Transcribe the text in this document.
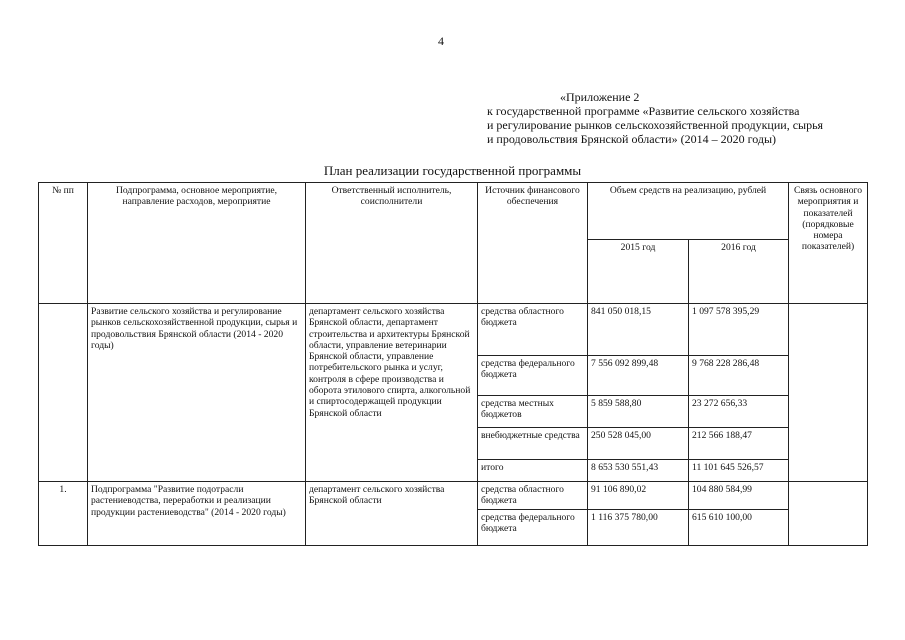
4
«Приложение 2
к государственной программе «Развитие сельского хозяйства
и регулирование рынков сельскохозяйственной продукции, сырья
и продовольствия Брянской области» (2014 – 2020 годы)
План реализации государственной программы
№ пп	Подпрограмма, основное мероприятие, направление расходов, мероприятие	Ответственный исполнитель, соисполнители	Источник финансового обеспечения	Объем средств на реализацию, рублей		Связь основного мероприятия и показателей (порядковые номера показателей)
				2015 год	2016 год	
	Развитие сельского хозяйства и регулирование рынков сельскохозяйственной продукции, сырья и продовольствия Брянской области (2014 - 2020 годы)	департамент сельского хозяйства Брянской области, департамент строительства и архитектуры Брянской области, управление ветеринарии Брянской области, управление потребительского рынка и услуг, контроля в сфере производства и оборота этилового спирта, алкогольной и спиртосодержащей продукции Брянской области	средства областного бюджета	841 050 018,15	1 097 578 395,29	
			средства федерального бюджета	7 556 092 899,48	9 768 228 286,48	
			средства местных бюджетов	5 859 588,80	23 272 656,33	
			внебюджетные средства	250 528 045,00	212 566 188,47	
			итого	8 653 530 551,43	11 101 645 526,57	
1.	Подпрограмма "Развитие подотрасли растениеводства, переработки и реализации продукции растениеводства" (2014 - 2020 годы)	департамент сельского хозяйства Брянской области	средства областного бюджета	91 106 890,02	104 880 584,99	
			средства федерального бюджета	1 116 375 780,00	615 610 100,00	
